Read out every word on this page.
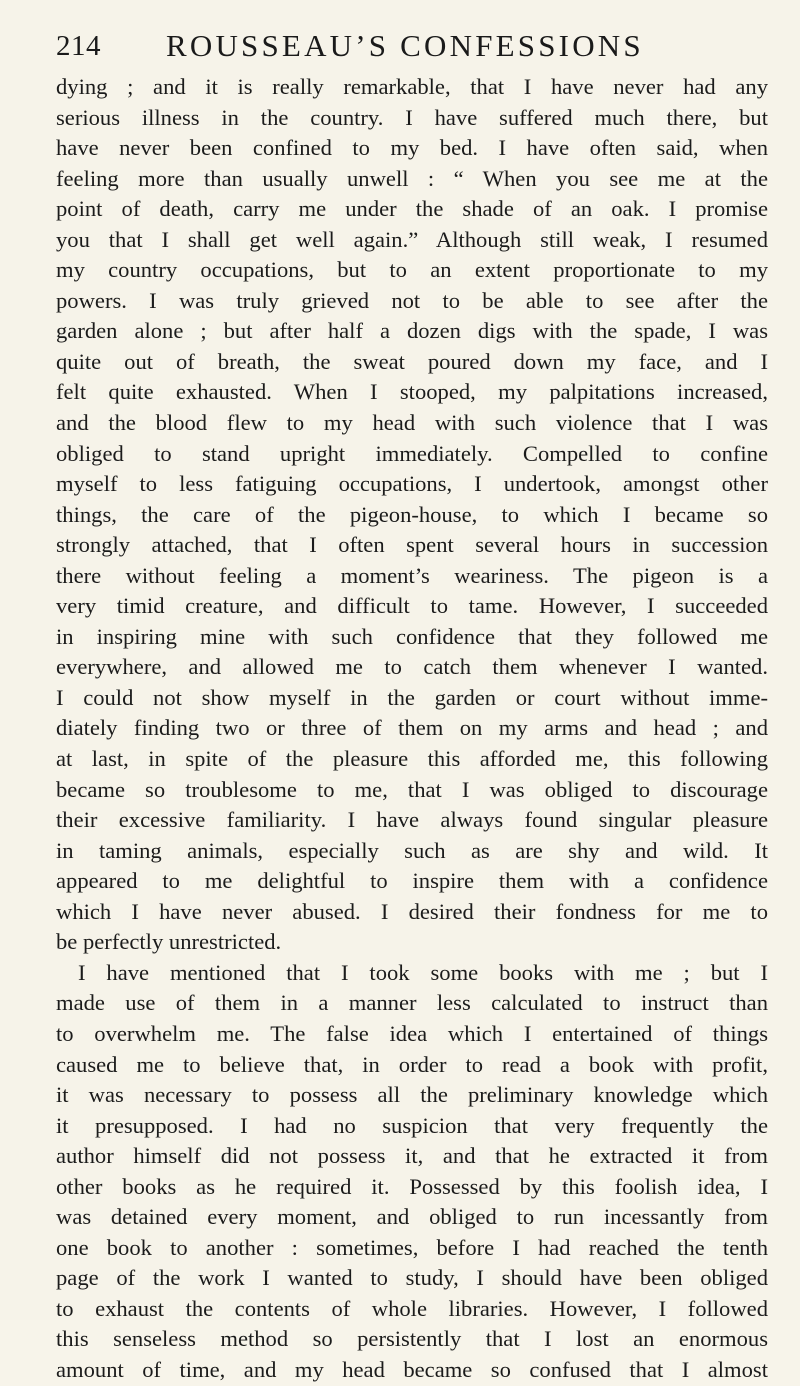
214 ROUSSEAU’S CONFESSIONS
dying ; and it is really remarkable, that I have never had any
serious illness in the country. I have suffered much there, but
have never been confined to my bed. I have often said, when
feeling more than usually unwell : “ When you see me at the
point of death, carry me under the shade of an oak. I promise
you that I shall get well again.” Although still weak, I resumed
my country occupations, but to an extent proportionate to my
powers. I was truly grieved not to be able to see after the
garden alone ; but after half a dozen digs with the spade, I was
quite out of breath, the sweat poured down my face, and I
felt quite exhausted. When I stooped, my palpitations increased,
and the blood flew to my head with such violence that I was
obliged to stand upright immediately. Compelled to confine
myself to less fatiguing occupations, I undertook, amongst other
things, the care of the pigeon-house, to which I became so
strongly attached, that I often spent several hours in succession
there without feeling a moment’s weariness. The pigeon is a
very timid creature, and difficult to tame. However, I succeeded
in inspiring mine with such confidence that they followed me
everywhere, and allowed me to catch them whenever I wanted.
I could not show myself in the garden or court without imme-
diately finding two or three of them on my arms and head ; and
at last, in spite of the pleasure this afforded me, this following
became so troublesome to me, that I was obliged to discourage
their excessive familiarity. I have always found singular pleasure
in taming animals, especially such as are shy and wild. It
appeared to me delightful to inspire them with a confidence
which I have never abused. I desired their fondness for me to
be perfectly unrestricted.
I have mentioned that I took some books with me ; but I
made use of them in a manner less calculated to instruct than
to overwhelm me. The false idea which I entertained of things
caused me to believe that, in order to read a book with profit,
it was necessary to possess all the preliminary knowledge which
it presupposed. I had no suspicion that very frequently the
author himself did not possess it, and that he extracted it from
other books as he required it. Possessed by this foolish idea, I
was detained every moment, and obliged to run incessantly from
one book to another : sometimes, before I had reached the tenth
page of the work I wanted to study, I should have been obliged
to exhaust the contents of whole libraries. However, I followed
this senseless method so persistently that I lost an enormous
amount of time, and my head became so confused that I almost
